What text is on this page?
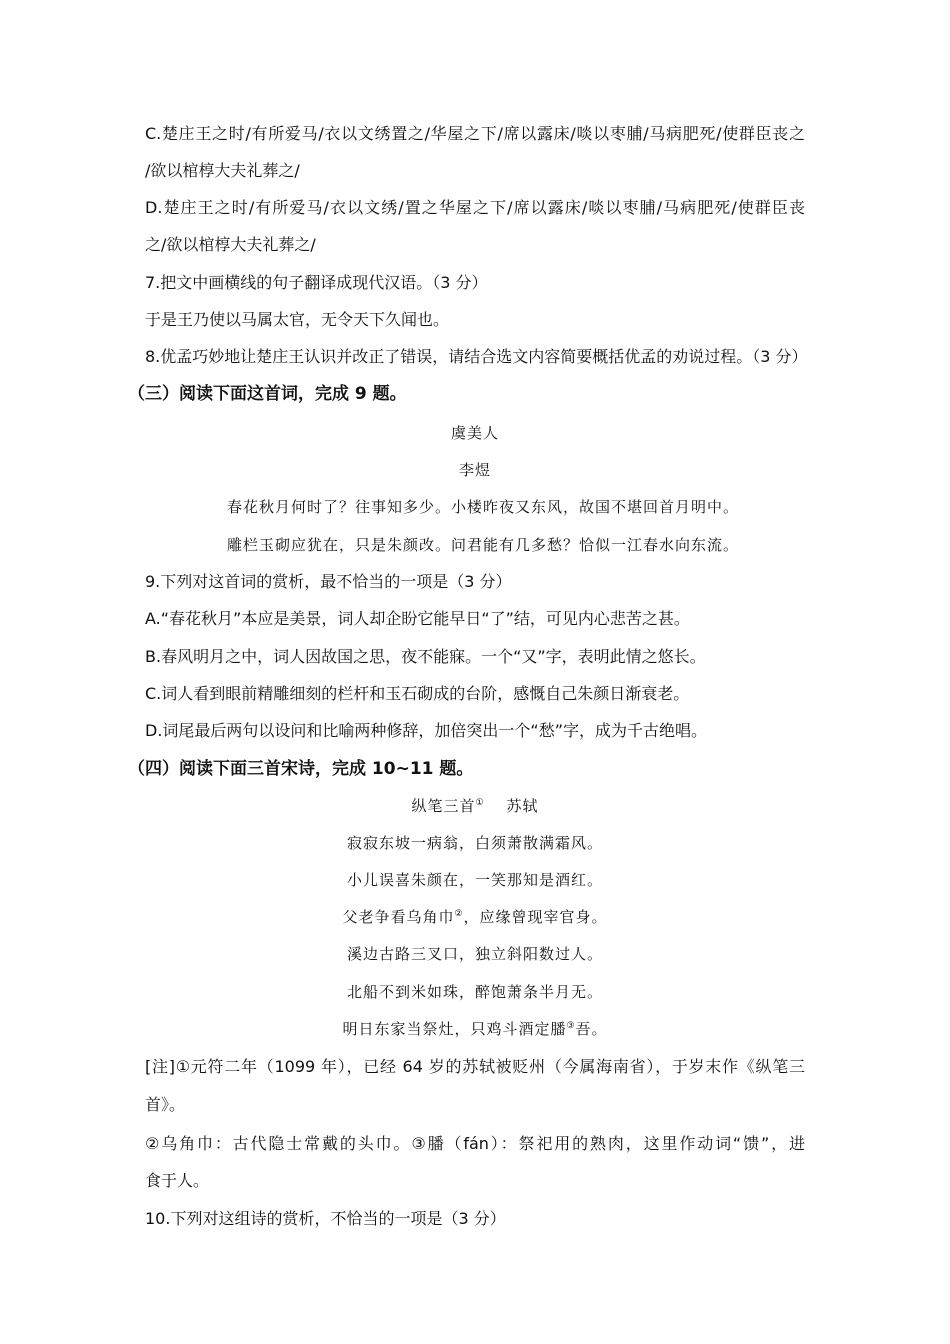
C.楚庄王之时/有所爱马/衣以文绣置之/华屋之下/席以露床/啖以枣脯/马病肥死/使群臣丧之
/欲以棺椁大夫礼葬之/
D.楚庄王之时/有所爱马/衣以文绣/置之华屋之下/席以露床/啖以枣脯/马病肥死/使群臣丧
之/欲以棺椁大夫礼葬之/
7.把文中画横线的句子翻译成现代汉语。（3 分）
于是王乃使以马属太官，无令天下久闻也。
8.优孟巧妙地让楚庄王认识并改正了错误，请结合选文内容简要概括优孟的劝说过程。（3 分）
（三）阅读下面这首词，完成 9 题。
虞美人
李煜
春花秋月何时了？往事知多少。小楼昨夜又东风，故国不堪回首月明中。
雕栏玉砌应犹在，只是朱颜改。问君能有几多愁？恰似一江春水向东流。
9.下列对这首词的赏析，最不恰当的一项是（3 分）
A.“春花秋月”本应是美景，词人却企盼它能早日“了”结，可见内心悲苦之甚。
B.春风明月之中，词人因故国之思，夜不能寐。一个“又”字，表明此情之悠长。
C.词人看到眼前精雕细刻的栏杆和玉石砌成的台阶，感慨自己朱颜日渐衰老。
D.词尾最后两句以设问和比喻两种修辞，加倍突出一个“愁”字，成为千古绝唱。
（四）阅读下面三首宋诗，完成 10~11 题。
纵笔三首① 苏轼
寂寂东坡一病翁，白须萧散满霜风。
小儿误喜朱颜在，一笑那知是酒红。
父老争看乌角巾②，应缘曾现宰官身。
溪边古路三叉口，独立斜阳数过人。
北船不到米如珠，醉饱萧条半月无。
明日东家当祭灶，只鸡斗酒定膰③吾。
[注]①元符二年（1099 年），已经 64 岁的苏轼被贬州（今属海南省），于岁末作《纵笔三
首》。
②乌角巾：古代隐士常戴的头巾。③膰（fán）：祭祀用的熟肉，这里作动词“馈”，进
食于人。
10.下列对这组诗的赏析，不恰当的一项是（3 分）
